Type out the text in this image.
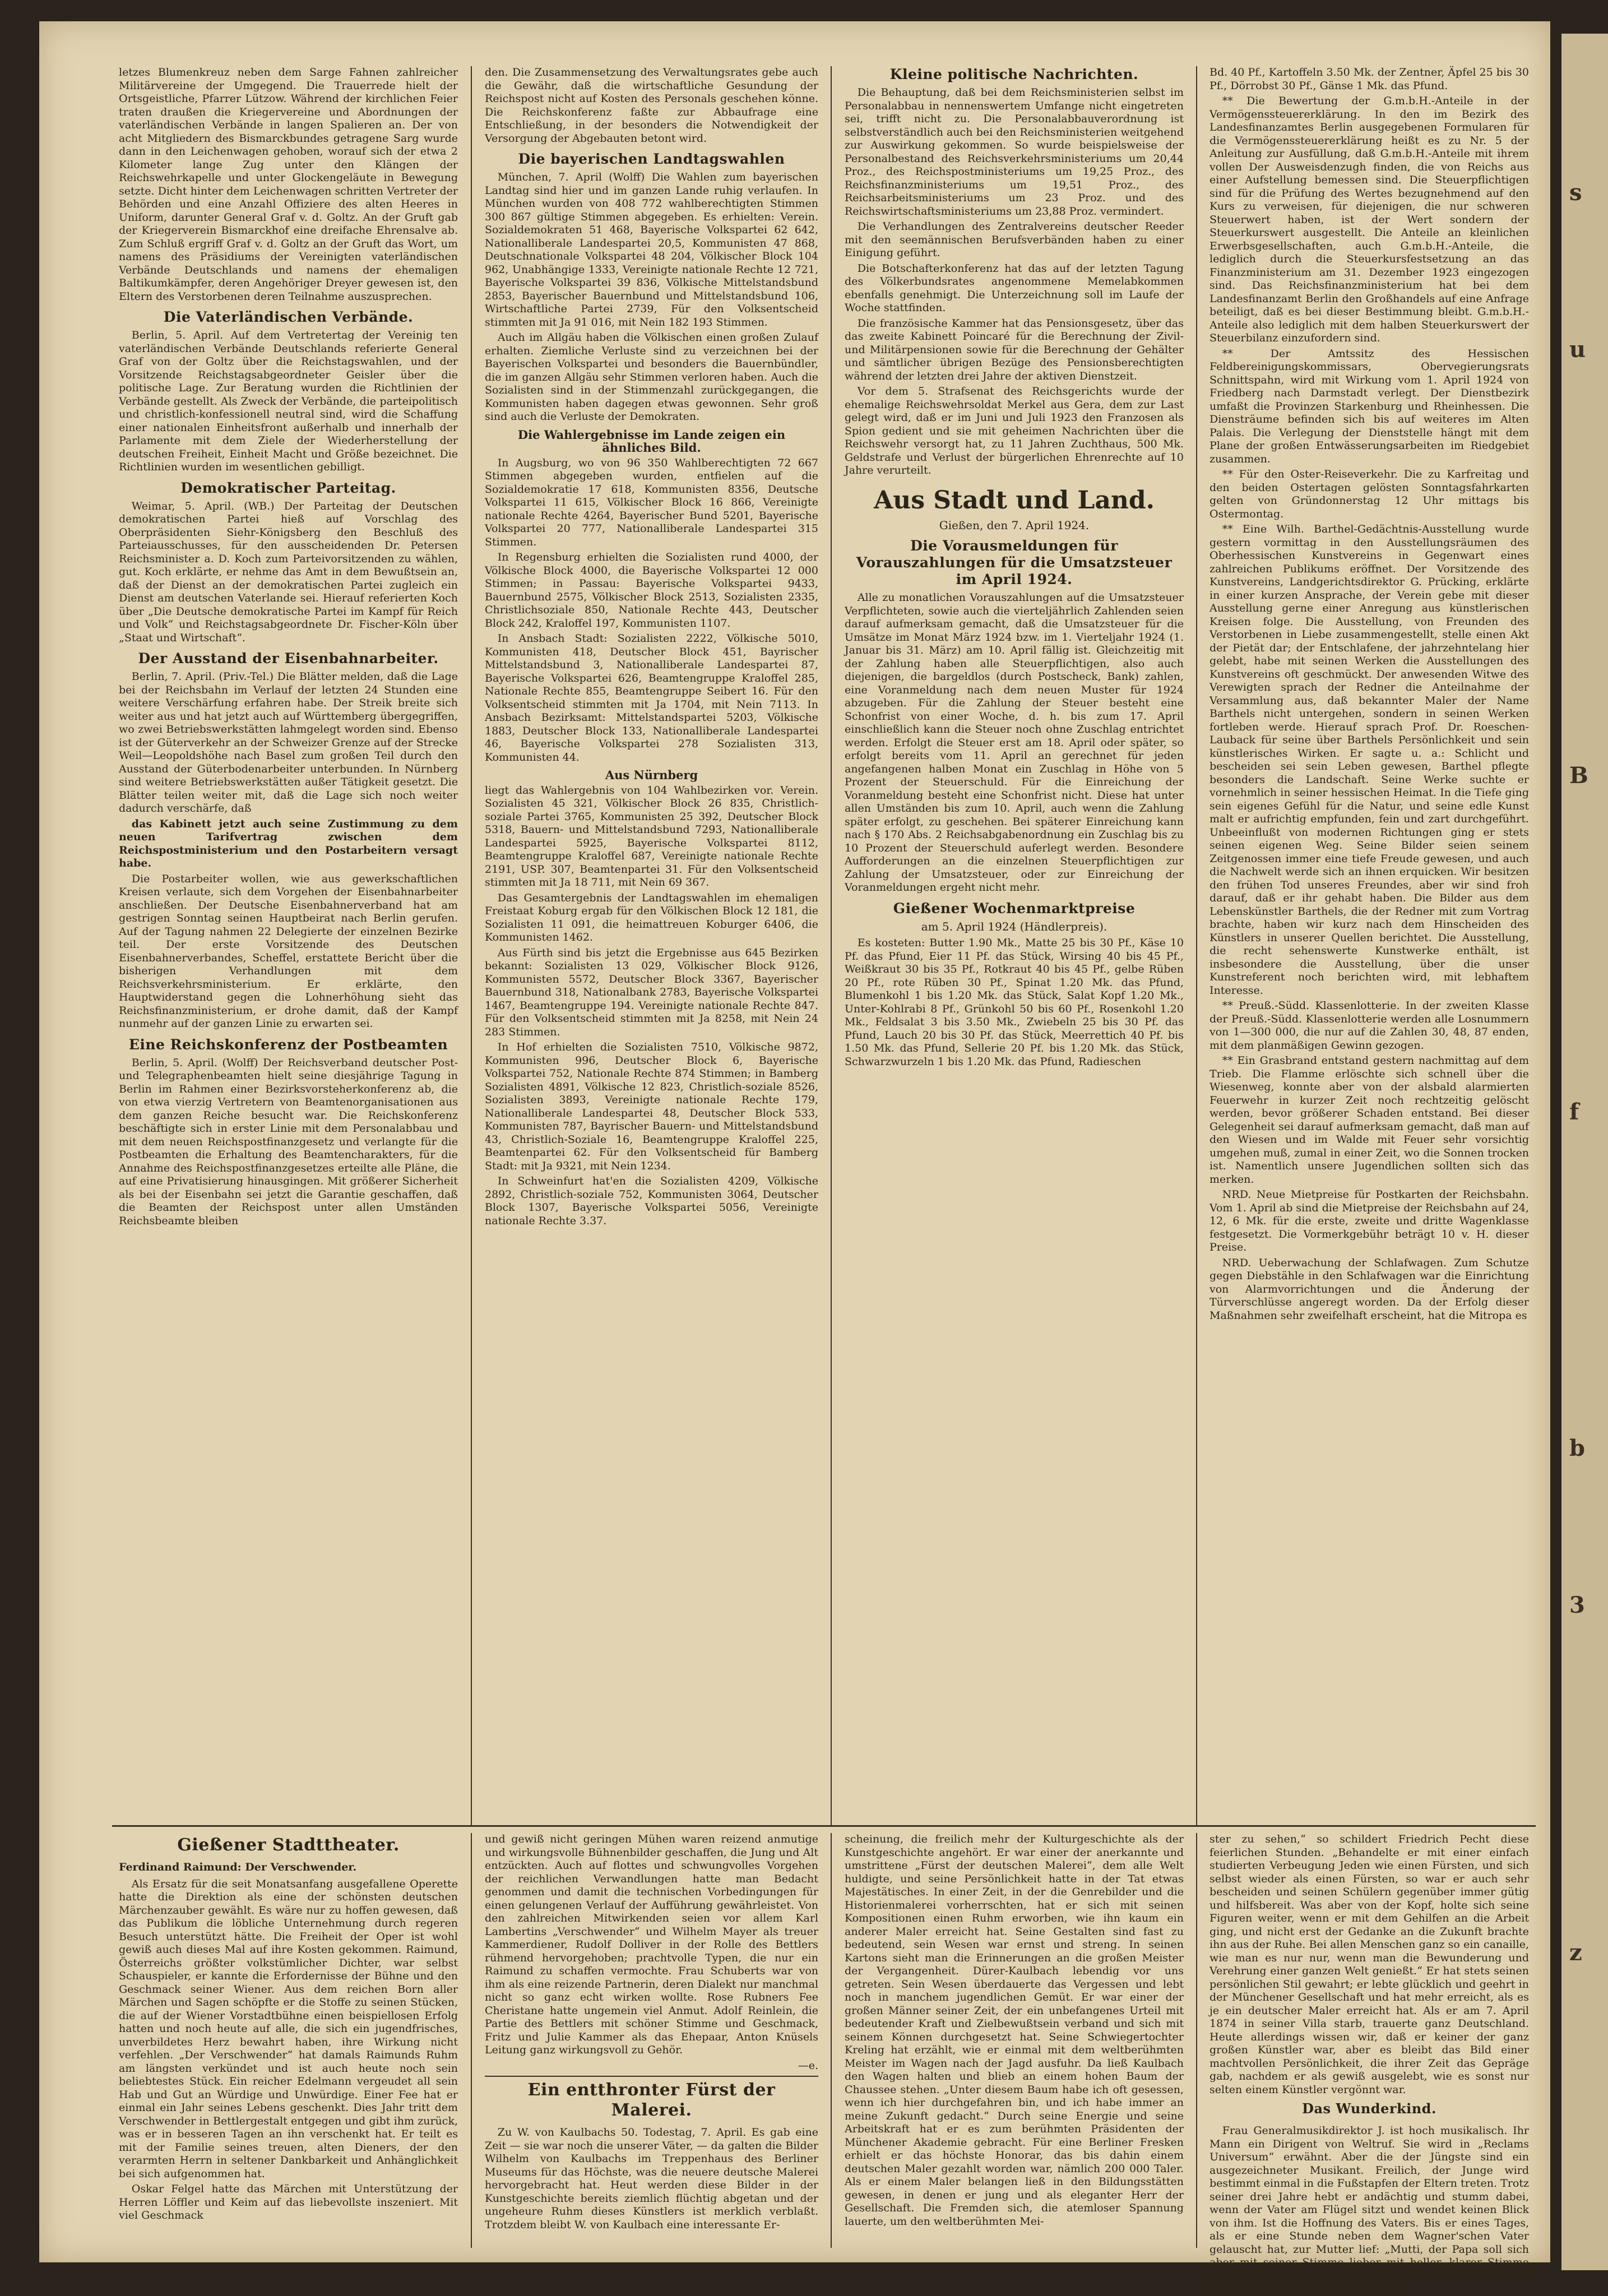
letzes Blumenkreuz neben dem Sarge Fahnen zahlreicher Militärvereine der Umgegend. Die Trauerrede hielt der Ortsgeistliche, Pfarrer Lützow. Während der kirchlichen Feier traten draußen die Kriegervereine und Abordnungen der vaterländischen Verbände in langen Spalieren an. Der von acht Mitgliedern des Bismarckbundes getragene Sarg wurde dann in den Leichenwagen gehoben, worauf sich der etwa 2 Kilometer lange Zug unter den Klängen der Reichswehrkapelle und unter Glockengeläute in Bewegung setzte. Dicht hinter dem Leichenwagen schritten Vertreter der Behörden und eine Anzahl Offiziere des alten Heeres in Uniform, darunter General Graf v. d. Goltz. An der Gruft gab der Kriegerverein Bismarckhof eine dreifache Ehrensalve ab. Zum Schluß ergriff Graf v. d. Goltz an der Gruft das Wort, um namens des Präsidiums der Vereinigten vaterländischen Verbände Deutschlands und namens der ehemaligen Baltikumkämpfer, deren Angehöriger Dreyer gewesen ist, den Eltern des Verstorbenen deren Teilnahme auszusprechen.

Die Vaterländischen Verbände.

Berlin, 5. April. Auf dem Vertretertag der Vereinig ten vaterländischen Verbände Deutschlands referierte General Graf von der Goltz über die Reichstagswahlen, und der Vorsitzende Reichstagsabgeordneter Geisler über die politische Lage. Zur Beratung wurden die Richtlinien der Verbände gestellt. Als Zweck der Verbände, die parteipolitisch und christlich-konfessionell neutral sind, wird die Schaffung einer nationalen Einheitsfront außerhalb und innerhalb der Parlamente mit dem Ziele der Wiederherstellung der deutschen Freiheit, Einheit Macht und Größe bezeichnet. Die Richtlinien wurden im wesentlichen gebilligt.

Demokratischer Parteitag.

Weimar, 5. April. (WB.) Der Parteitag der Deutschen demokratischen Partei hieß auf Vorschlag des Oberpräsidenten Siehr-Königsberg den Beschluß des Parteiausschusses, für den ausscheidenden Dr. Petersen Reichsminister a. D. Koch zum Parteivorsitzenden zu wählen, gut. Koch erklärte, er nehme das Amt in dem Bewußtsein an, daß der Dienst an der demokratischen Partei zugleich ein Dienst am deutschen Vaterlande sei. Hierauf referierten Koch über „Die Deutsche demokratische Partei im Kampf für Reich und Volk“ und Reichstagsabgeordnete Dr. Fischer-Köln über „Staat und Wirtschaft“.

Der Ausstand der Eisenbahnarbeiter.

Berlin, 7. April. (Priv.-Tel.) Die Blätter melden, daß die Lage bei der Reichsbahn im Verlauf der letzten 24 Stunden eine weitere Verschärfung erfahren habe. Der Streik breite sich weiter aus und hat jetzt auch auf Württemberg übergegriffen, wo zwei Betriebswerkstätten lahmgelegt worden sind. Ebenso ist der Güterverkehr an der Schweizer Grenze auf der Strecke Weil—Leopoldshöhe nach Basel zum großen Teil durch den Ausstand der Güterbodenarbeiter unterbunden. In Nürnberg sind weitere Betriebswerkstätten außer Tätigkeit gesetzt. Die Blätter teilen weiter mit, daß die Lage sich noch weiter dadurch verschärfe, daß

das Kabinett jetzt auch seine Zustimmung zu dem neuen Tarifvertrag zwischen dem Reichspostministerium und den Postarbeitern versagt habe.

Die Postarbeiter wollen, wie aus gewerkschaftlichen Kreisen verlaute, sich dem Vorgehen der Eisenbahnarbeiter anschließen. Der Deutsche Eisenbahnerverband hat am gestrigen Sonntag seinen Hauptbeirat nach Berlin gerufen. Auf der Tagung nahmen 22 Delegierte der einzelnen Bezirke teil. Der erste Vorsitzende des Deutschen Eisenbahnerverbandes, Scheffel, erstattete Bericht über die bisherigen Verhandlungen mit dem Reichsverkehrsministerium. Er erklärte, den Hauptwiderstand gegen die Lohnerhöhung sieht das Reichsfinanzministerium, er drohe damit, daß der Kampf nunmehr auf der ganzen Linie zu erwarten sei.

Eine Reichskonferenz der Postbeamten

Berlin, 5. April. (Wolff) Der Reichsverband deutscher Post- und Telegraphenbeamten hielt seine diesjährige Tagung in Berlin im Rahmen einer Bezirksvorsteherkonferenz ab, die von etwa vierzig Vertretern von Beamtenorganisationen aus dem ganzen Reiche besucht war. Die Reichskonferenz beschäftigte sich in erster Linie mit dem Personalabbau und mit dem neuen Reichspostfinanzgesetz und verlangte für die Postbeamten die Erhaltung des Beamtencharakters, für die Annahme des Reichspostfinanzgesetzes erteilte alle Pläne, die auf eine Privatisierung hinausgingen. Mit größerer Sicherheit als bei der Eisenbahn sei jetzt die Garantie geschaffen, daß die Beamten der Reichspost unter allen Umständen Reichsbeamte bleiben

den. Die Zusammensetzung des Verwaltungsrates gebe auch die Gewähr, daß die wirtschaftliche Gesundung der Reichspost nicht auf Kosten des Personals geschehen könne. Die Reichskonferenz faßte zur Abbaufrage eine Entschließung, in der besonders die Notwendigkeit der Versorgung der Abgebauten betont wird.

Die bayerischen Landtagswahlen

München, 7. April (Wolff) Die Wahlen zum bayerischen Landtag sind hier und im ganzen Lande ruhig verlaufen. In München wurden von 408 772 wahlberechtigten Stimmen 300 867 gültige Stimmen abgegeben. Es erhielten: Verein. Sozialdemokraten 51 468, Bayerische Volkspartei 62 642, Nationalliberale Landespartei 20,5, Kommunisten 47 868, Deutschnationale Volkspartei 48 204, Völkischer Block 104 962, Unabhängige 1333, Vereinigte nationale Rechte 12 721, Bayerische Volkspartei 39 836, Völkische Mittelstandsbund 2853, Bayerischer Bauernbund und Mittelstandsbund 106, Wirtschaftliche Partei 2739, Für den Volksentscheid stimmten mit Ja 91 016, mit Nein 182 193 Stimmen.

Auch im Allgäu haben die Völkischen einen großen Zulauf erhalten. Ziemliche Verluste sind zu verzeichnen bei der Bayerischen Volkspartei und besonders die Bauernbündler, die im ganzen Allgäu sehr Stimmen verloren haben. Auch die Sozialisten sind in der Stimmenzahl zurückgegangen, die Kommunisten haben dagegen etwas gewonnen. Sehr groß sind auch die Verluste der Demokraten.

Die Wahlergebnisse im Lande zeigen ein ähnliches Bild.

In Augsburg, wo von 96 350 Wahlberechtigten 72 667 Stimmen abgegeben wurden, entfielen auf die Sozialdemokratie 17 618, Kommunisten 8356, Deutsche Volkspartei 11 615, Völkischer Block 16 866, Vereinigte nationale Rechte 4264, Bayerischer Bund 5201, Bayerische Volkspartei 20 777, Nationalliberale Landespartei 315 Stimmen.

In Regensburg erhielten die Sozialisten rund 4000, der Völkische Block 4000, die Bayerische Volkspartei 12 000 Stimmen; in Passau: Bayerische Volkspartei 9433, Bauernbund 2575, Völkischer Block 2513, Sozialisten 2335, Christlichsoziale 850, Nationale Rechte 443, Deutscher Block 242, Kraloffel 197, Kommunisten 1107.

In Ansbach Stadt: Sozialisten 2222, Völkische 5010, Kommunisten 418, Deutscher Block 451, Bayrischer Mittelstandsbund 3, Nationalliberale Landespartei 87, Bayerische Volkspartei 626, Beamtengruppe Kraloffel 285, Nationale Rechte 855, Beamtengruppe Seibert 16. Für den Volksentscheid stimmten mit Ja 1704, mit Nein 7113. In Ansbach Bezirksamt: Mittelstandspartei 5203, Völkische 1883, Deutscher Block 133, Nationalliberale Landespartei 46, Bayerische Volkspartei 278 Sozialisten 313, Kommunisten 44.

Aus Nürnberg

liegt das Wahlergebnis von 104 Wahlbezirken vor. Verein. Sozialisten 45 321, Völkischer Block 26 835, Christlich-soziale Partei 3765, Kommunisten 25 392, Deutscher Block 5318, Bauern- und Mittelstandsbund 7293, Nationalliberale Landespartei 5925, Bayerische Volkspartei 8112, Beamtengruppe Kraloffel 687, Vereinigte nationale Rechte 2191, USP. 307, Beamtenpartei 31. Für den Volksentscheid stimmten mit Ja 18 711, mit Nein 69 367.

Das Gesamtergebnis der Landtagswahlen im ehemaligen Freistaat Koburg ergab für den Völkischen Block 12 181, die Sozialisten 11 091, die heimattreuen Koburger 6406, die Kommunisten 1462.

Aus Fürth sind bis jetzt die Ergebnisse aus 645 Bezirken bekannt: Sozialisten 13 029, Völkischer Block 9126, Kommunisten 5572, Deutscher Block 3367, Bayerischer Bauernbund 318, Nationalbank 2783, Bayerische Volkspartei 1467, Beamtengruppe 194. Vereinigte nationale Rechte 847. Für den Volksentscheid stimmten mit Ja 8258, mit Nein 24 283 Stimmen.

In Hof erhielten die Sozialisten 7510, Völkische 9872, Kommunisten 996, Deutscher Block 6, Bayerische Volkspartei 752, Nationale Rechte 874 Stimmen; in Bamberg Sozialisten 4891, Völkische 12 823, Christlich-soziale 8526, Sozialisten 3893, Vereinigte nationale Rechte 179, Nationalliberale Landespartei 48, Deutscher Block 533, Kommunisten 787, Bayrischer Bauern- und Mittelstandsbund 43, Christlich-Soziale 16, Beamtengruppe Kraloffel 225, Beamtenpartei 62. Für den Volksentscheid für Bamberg Stadt: mit Ja 9321, mit Nein 1234.

In Schweinfurt hat'en die Sozialisten 4209, Völkische 2892, Christlich-soziale 752, Kommunisten 3064, Deutscher Block 1307, Bayerische Volkspartei 5056, Vereinigte nationale Rechte 3.37.

Kleine politische Nachrichten.

Die Behauptung, daß bei dem Reichsministerien selbst im Personalabbau in nennenswertem Umfange nicht eingetreten sei, trifft nicht zu. Die Personalabbauverordnung ist selbstverständlich auch bei den Reichsministerien weitgehend zur Auswirkung gekommen. So wurde beispielsweise der Personalbestand des Reichsverkehrsministeriums um 20,44 Proz., des Reichspostministeriums um 19,25 Proz., des Reichsfinanzministeriums um 19,51 Proz., des Reichsarbeitsministeriums um 23 Proz. und des Reichswirtschaftsministeriums um 23,88 Proz. vermindert.

Die Verhandlungen des Zentralvereins deutscher Reeder mit den seemännischen Berufsverbänden haben zu einer Einigung geführt.

Die Botschafterkonferenz hat das auf der letzten Tagung des Völkerbundsrates angenommene Memelabkommen ebenfalls genehmigt. Die Unterzeichnung soll im Laufe der Woche stattfinden.

Die französische Kammer hat das Pensionsgesetz, über das das zweite Kabinett Poincaré für die Berechnung der Zivil- und Militärpensionen sowie für die Berechnung der Gehälter und sämtlicher übrigen Bezüge des Pensionsberechtigten während der letzten drei Jahre der aktiven Dienstzeit.

Vor dem 5. Strafsenat des Reichsgerichts wurde der ehemalige Reichswehrsoldat Merkel aus Gera, dem zur Last gelegt wird, daß er im Juni und Juli 1923 den Franzosen als Spion gedient und sie mit geheimen Nachrichten über die Reichswehr versorgt hat, zu 11 Jahren Zuchthaus, 500 Mk. Geldstrafe und Verlust der bürgerlichen Ehrenrechte auf 10 Jahre verurteilt.

Aus Stadt und Land.
Gießen, den 7. April 1924.
Die Vorausmeldungen für Vorauszahlungen für die Umsatzsteuer im April 1924.

Alle zu monatlichen Vorauszahlungen auf die Umsatzsteuer Verpflichteten, sowie auch die vierteljährlich Zahlenden seien darauf aufmerksam gemacht, daß die Umsatzsteuer für die Umsätze im Monat März 1924 bzw. im 1. Vierteljahr 1924 (1. Januar bis 31. März) am 10. April fällig ist. Gleichzeitig mit der Zahlung haben alle Steuerpflichtigen, also auch diejenigen, die bargeldlos (durch Postscheck, Bank) zahlen, eine Voranmeldung nach dem neuen Muster für 1924 abzugeben. Für die Zahlung der Steuer besteht eine Schonfrist von einer Woche, d. h. bis zum 17. April einschließlich kann die Steuer noch ohne Zuschlag entrichtet werden. Erfolgt die Steuer erst am 18. April oder später, so erfolgt bereits vom 11. April an gerechnet für jeden angefangenen halben Monat ein Zuschlag in Höhe von 5 Prozent der Steuerschuld. Für die Einreichung der Voranmeldung besteht eine Schonfrist nicht. Diese hat unter allen Umständen bis zum 10. April, auch wenn die Zahlung später erfolgt, zu geschehen. Bei späterer Einreichung kann nach § 170 Abs. 2 Reichsabgabenordnung ein Zuschlag bis zu 10 Prozent der Steuerschuld auferlegt werden. Besondere Aufforderungen an die einzelnen Steuerpflichtigen zur Zahlung der Umsatzsteuer, oder zur Einreichung der Voranmeldungen ergeht nicht mehr.

Gießener Wochenmarktpreise
am 5. April 1924 (Händlerpreis).

Es kosteten: Butter 1.90 Mk., Matte 25 bis 30 Pf., Käse 10 Pf. das Pfund, Eier 11 Pf. das Stück, Wirsing 40 bis 45 Pf., Weißkraut 30 bis 35 Pf., Rotkraut 40 bis 45 Pf., gelbe Rüben 20 Pf., rote Rüben 30 Pf., Spinat 1.20 Mk. das Pfund, Blumenkohl 1 bis 1.20 Mk. das Stück, Salat Kopf 1.20 Mk., Unter-Kohlrabi 8 Pf., Grünkohl 50 bis 60 Pf., Rosenkohl 1.20 Mk., Feldsalat 3 bis 3.50 Mk., Zwiebeln 25 bis 30 Pf. das Pfund, Lauch 20 bis 30 Pf. das Stück, Meerrettich 40 Pf. bis 1.50 Mk. das Pfund, Sellerie 20 Pf. bis 1.20 Mk. das Stück, Schwarzwurzeln 1 bis 1.20 Mk. das Pfund, Radieschen

Bd. 40 Pf., Kartoffeln 3.50 Mk. der Zentner, Äpfel 25 bis 30 Pf., Dörrobst 30 Pf., Gänse 1 Mk. das Pfund.

** Die Bewertung der G.m.b.H.-Anteile in der Vermögenssteuererklärung. In den im Bezirk des Landesfinanzamtes Berlin ausgegebenen Formularen für die Vermögenssteuererklärung heißt es zu Nr. 5 der Anleitung zur Ausfüllung, daß G.m.b.H.-Anteile mit ihrem vollen Der Ausweisdenzugh finden, die von Reichs aus einer Aufstellung bemessen sind. Die Steuerpflichtigen sind für die Prüfung des Wertes bezugnehmend auf den Kurs zu verweisen, für diejenigen, die nur schweren Steuerwert haben, ist der Wert sondern der Steuerkurswert ausgestellt. Die Anteile an kleinlichen Erwerbsgesellschaften, auch G.m.b.H.-Anteile, die lediglich durch die Steuerkursfestsetzung an das Finanzministerium am 31. Dezember 1923 eingezogen sind. Das Reichsfinanzministerium hat bei dem Landesfinanzamt Berlin den Großhandels auf eine Anfrage beteiligt, daß es bei dieser Bestimmung bleibt. G.m.b.H.-Anteile also lediglich mit dem halben Steuerkurswert der Steuerbilanz einzufordern sind.

** Der Amtssitz des Hessischen Feldbereinigungskommissars, Obervegierungsrats Schnittspahn, wird mit Wirkung vom 1. April 1924 von Friedberg nach Darmstadt verlegt. Der Dienstbezirk umfaßt die Provinzen Starkenburg und Rheinhessen. Die Diensträume befinden sich bis auf weiteres im Alten Palais. Die Verlegung der Dienststelle hängt mit dem Plane der großen Entwässerungsarbeiten im Riedgebiet zusammen.

** Für den Oster-Reiseverkehr. Die zu Karfreitag und den beiden Ostertagen gelösten Sonntagsfahrkarten gelten von Gründonnerstag 12 Uhr mittags bis Ostermontag.

** Eine Wilh. Barthel-Gedächtnis-Ausstellung wurde gestern vormittag in den Ausstellungsräumen des Oberhessischen Kunstvereins in Gegenwart eines zahlreichen Publikums eröffnet. Der Vorsitzende des Kunstvereins, Landgerichtsdirektor G. Prücking, erklärte in einer kurzen Ansprache, der Verein gebe mit dieser Ausstellung gerne einer Anregung aus künstlerischen Kreisen folge. Die Ausstellung, von Freunden des Verstorbenen in Liebe zusammengestellt, stelle einen Akt der Pietät dar; der Entschlafene, der jahrzehntelang hier gelebt, habe mit seinen Werken die Ausstellungen des Kunstvereins oft geschmückt. Der anwesenden Witwe des Verewigten sprach der Redner die Anteilnahme der Versammlung aus, daß bekannter Maler der Name Barthels nicht untergehen, sondern in seinen Werken fortleben werde. Hierauf sprach Prof. Dr. Roeschen-Lauback für seine über Barthels Persönlichkeit und sein künstlerisches Wirken. Er sagte u. a.: Schlicht und bescheiden sei sein Leben gewesen, Barthel pflegte besonders die Landschaft. Seine Werke suchte er vornehmlich in seiner hessischen Heimat. In die Tiefe ging sein eigenes Gefühl für die Natur, und seine edle Kunst malt er aufrichtig empfunden, fein und zart durchgeführt. Unbeeinflußt von modernen Richtungen ging er stets seinen eigenen Weg. Seine Bilder seien seinem Zeitgenossen immer eine tiefe Freude gewesen, und auch die Nachwelt werde sich an ihnen erquicken. Wir besitzen den frühen Tod unseres Freundes, aber wir sind froh darauf, daß er ihr gehabt haben. Die Bilder aus dem Lebenskünstler Barthels, die der Redner mit zum Vortrag brachte, haben wir kurz nach dem Hinscheiden des Künstlers in unserer Quellen berichtet. Die Ausstellung, die recht sehenswerte Kunstwerke enthält, ist insbesondere die Ausstellung, über die unser Kunstreferent noch berichten wird, mit lebhaftem Interesse.

** Preuß.-Südd. Klassenlotterie. In der zweiten Klasse der Preuß.-Südd. Klassenlotterie werden alle Losnummern von 1—300 000, die nur auf die Zahlen 30, 48, 87 enden, mit dem planmäßigen Gewinn gezogen.

** Ein Grasbrand entstand gestern nachmittag auf dem Trieb. Die Flamme erlöschte sich schnell über die Wiesenweg, konnte aber von der alsbald alarmierten Feuerwehr in kurzer Zeit noch rechtzeitig gelöscht werden, bevor größerer Schaden entstand. Bei dieser Gelegenheit sei darauf aufmerksam gemacht, daß man auf den Wiesen und im Walde mit Feuer sehr vorsichtig umgehen muß, zumal in einer Zeit, wo die Sonnen trocken ist. Namentlich unsere Jugendlichen sollten sich das merken.

NRD. Neue Mietpreise für Postkarten der Reichsbahn. Vom 1. April ab sind die Mietpreise der Reichsbahn auf 24, 12, 6 Mk. für die erste, zweite und dritte Wagenklasse festgesetzt. Die Vormerkgebühr beträgt 10 v. H. dieser Preise.

NRD. Ueberwachung der Schlafwagen. Zum Schutze gegen Diebstähle in den Schlafwagen war die Einrichtung von Alarmvorrichtungen und die Änderung der Türverschlüsse angeregt worden. Da der Erfolg dieser Maßnahmen sehr zweifelhaft erscheint, hat die Mitropa es

Gießener Stadttheater.

Ferdinand Raimund: Der Verschwender.

Als Ersatz für die seit Monatsanfang ausgefallene Operette hatte die Direktion als eine der schönsten deutschen Märchenzauber gewählt. Es wäre nur zu hoffen gewesen, daß das Publikum die löbliche Unternehmung durch regeren Besuch unterstützt hätte. Die Freiheit der Oper ist wohl gewiß auch dieses Mal auf ihre Kosten gekommen. Raimund, Österreichs größter volkstümlicher Dichter, war selbst Schauspieler, er kannte die Erfordernisse der Bühne und den Geschmack seiner Wiener. Aus dem reichen Born aller Märchen und Sagen schöpfte er die Stoffe zu seinen Stücken, die auf der Wiener Vorstadtbühne einen beispiellosen Erfolg hatten und noch heute auf alle, die sich ein jugendfrisches, unverbildetes Herz bewahrt haben, ihre Wirkung nicht verfehlen. „Der Verschwender“ hat damals Raimunds Ruhm am längsten verkündet und ist auch heute noch sein beliebtestes Stück. Ein reicher Edelmann vergeudet all sein Hab und Gut an Würdige und Unwürdige. Einer Fee hat er einmal ein Jahr seines Lebens geschenkt. Dies Jahr tritt dem Verschwender in Bettlergestalt entgegen und gibt ihm zurück, was er in besseren Tagen an ihn verschenkt hat. Er teilt es mit der Familie seines treuen, alten Dieners, der den verarmten Herrn in seltener Dankbarkeit und Anhänglichkeit bei sich aufgenommen hat.

Oskar Felgel hatte das Märchen mit Unterstützung der Herren Löffler und Keim auf das liebevollste inszeniert. Mit viel Geschmack

und gewiß nicht geringen Mühen waren reizend anmutige und wirkungsvolle Bühnenbilder geschaffen, die Jung und Alt entzückten. Auch auf flottes und schwungvolles Vorgehen der reichlichen Verwandlungen hatte man Bedacht genommen und damit die technischen Vorbedingungen für einen gelungenen Verlauf der Aufführung gewährleistet. Von den zahlreichen Mitwirkenden seien vor allem Karl Lambertins „Verschwender“ und Wilhelm Mayer als treuer Kammerdiener, Rudolf Dolliver in der Rolle des Bettlers rühmend hervorgehoben; prachtvolle Typen, die nur ein Raimund zu schaffen vermochte. Frau Schuberts war von ihm als eine reizende Partnerin, deren Dialekt nur manchmal nicht so ganz echt wirken wollte. Rose Rubners Fee Cheristane hatte ungemein viel Anmut. Adolf Reinlein, die Partie des Bettlers mit schöner Stimme und Geschmack, Fritz und Julie Kammer als das Ehepaar, Anton Knüsels Leitung ganz wirkungsvoll zu Gehör.

—e.
Ein entthronter Fürst der Malerei.

Zu W. von Kaulbachs 50. Todestag, 7. April. Es gab eine Zeit — sie war noch die unserer Väter, — da galten die Bilder Wilhelm von Kaulbachs im Treppenhaus des Berliner Museums für das Höchste, was die neuere deutsche Malerei hervorgebracht hat. Heut werden diese Bilder in der Kunstgeschichte bereits ziemlich flüchtig abgetan und der ungeheure Ruhm dieses Künstlers ist merklich verblaßt. Trotzdem bleibt W. von Kaulbach eine interessante Er-

scheinung, die freilich mehr der Kulturgeschichte als der Kunstgeschichte angehört. Er war einer der anerkannte und umstrittene „Fürst der deutschen Malerei“, dem alle Welt huldigte, und seine Persönlichkeit hatte in der Tat etwas Majestätisches. In einer Zeit, in der die Genrebilder und die Historienmalerei vorherrschten, hat er sich mit seinen Kompositionen einen Ruhm erworben, wie ihn kaum ein anderer Maler erreicht hat. Seine Gestalten sind fast zu bedeutend, sein Wesen war ernst und streng. In seinen Kartons sieht man die Erinnerungen an die großen Meister der Vergangenheit. Dürer-Kaulbach lebendig vor uns getreten. Sein Wesen überdauerte das Vergessen und lebt noch in manchem jugendlichen Gemüt. Er war einer der großen Männer seiner Zeit, der ein unbefangenes Urteil mit bedeutender Kraft und Zielbewußtsein verband und sich mit seinem Können durchgesetzt hat. Seine Schwiegertochter Kreling hat erzählt, wie er einmal mit dem weltberühmten Meister im Wagen nach der Jagd ausfuhr. Da ließ Kaulbach den Wagen halten und blieb an einem hohen Baum der Chaussee stehen. „Unter diesem Baum habe ich oft gesessen, wenn ich hier durchgefahren bin, und ich habe immer an meine Zukunft gedacht.“ Durch seine Energie und seine Arbeitskraft hat er es zum berühmten Präsidenten der Münchener Akademie gebracht. Für eine Berliner Fresken erhielt er das höchste Honorar, das bis dahin einem deutschen Maler gezahlt worden war, nämlich 200 000 Taler. Als er einem Maler belangen ließ in den Bildungsstätten gewesen, in denen er jung und als eleganter Herr der Gesellschaft. Die Fremden sich, die atemloser Spannung lauerte, um den weltberühmten Mei-

ster zu sehen,“ so schildert Friedrich Pecht diese feierlichen Stunden. „Behandelte er mit einer einfach studierten Verbeugung Jeden wie einen Fürsten, und sich selbst wieder als einen Fürsten, so war er auch sehr bescheiden und seinen Schülern gegenüber immer gütig und hilfsbereit. Was aber von der Kopf, holte sich seine Figuren weiter, wenn er mit dem Gehilfen an die Arbeit ging, und nicht erst der Gedanke an die Zukunft brachte ihn aus der Ruhe. Bei allen Menschen ganz so ein canaille, wie man es nur nur, wenn man die Bewunderung und Verehrung einer ganzen Welt genießt.“ Er hat stets seinen persönlichen Stil gewahrt; er lebte glücklich und geehrt in der Münchener Gesellschaft und hat mehr erreicht, als es je ein deutscher Maler erreicht hat. Als er am 7. April 1874 in seiner Villa starb, trauerte ganz Deutschland. Heute allerdings wissen wir, daß er keiner der ganz großen Künstler war, aber es bleibt das Bild einer machtvollen Persönlichkeit, die ihrer Zeit das Gepräge gab, nachdem er als gewiß ausgelebt, wie es sonst nur selten einem Künstler vergönnt war.

Das Wunderkind.

Frau Generalmusikdirektor J. ist hoch musikalisch. Ihr Mann ein Dirigent von Weltruf. Sie wird in „Reclams Universum“ erwähnt. Aber die der Jüngste sind ein ausgezeichneter Musikant. Freilich, der Junge wird bestimmt einmal in die Fußstapfen der Eltern treten. Trotz seiner drei Jahre hebt er andächtig und stumm dabei, wenn der Vater am Flügel sitzt und wendet keinen Blick von ihm. Ist die Hoffnung des Vaters. Bis er eines Tages, als er eine Stunde neben dem Wagner'schen Vater gelauscht hat, zur Mutter lief: „Mutti, der Papa soll sich aber mit seiner Stimme lieber mit heller, klarer Stimme sagen: „Sag mal, Mutti, das hat er doch nicht zum zweiten Male, um nicht einen Krach macht?“

s
u
B
f
b
3
z
